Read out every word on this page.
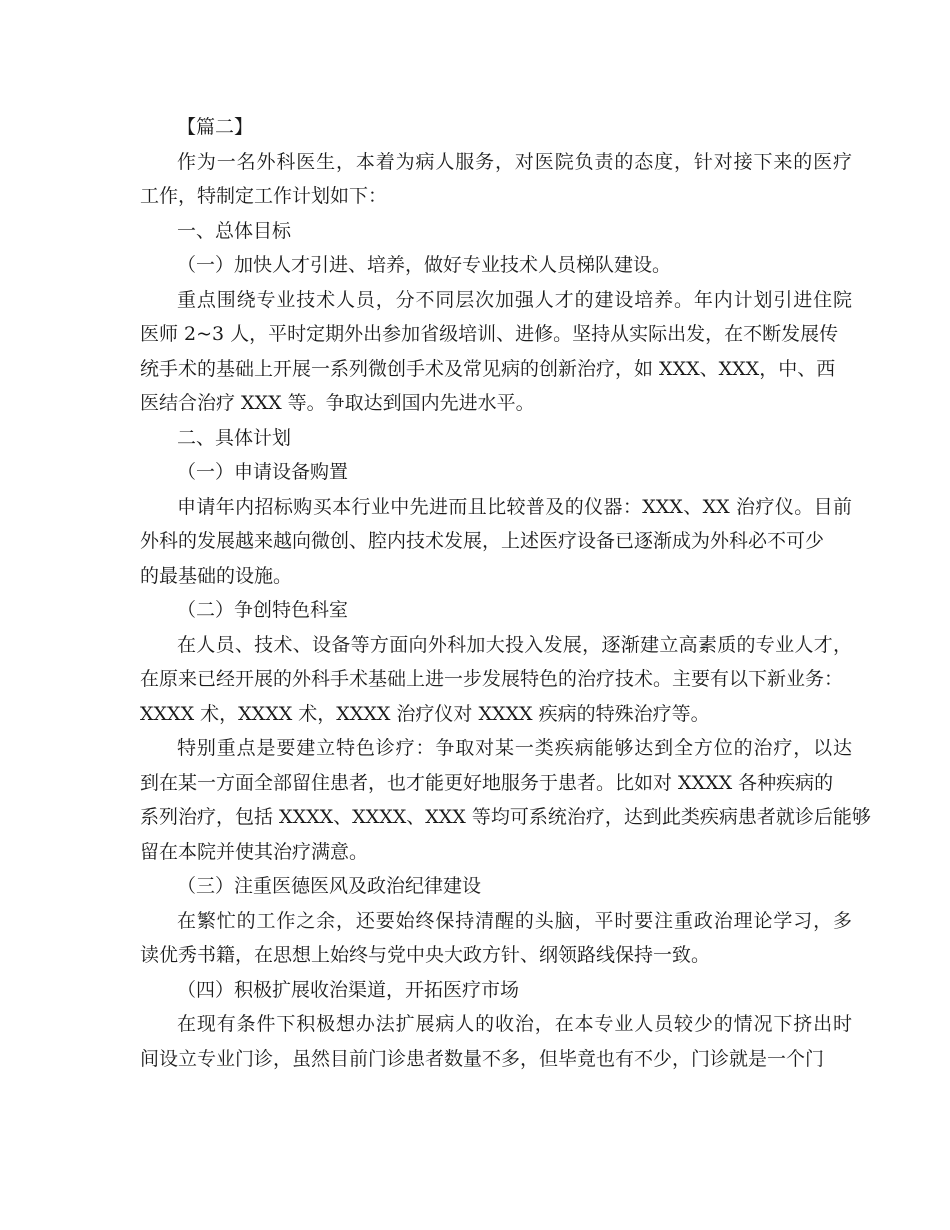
【篇二】
作为一名外科医生，本着为病人服务，对医院负责的态度，针对接下来的医疗
工作，特制定工作计划如下：
一、总体目标
（一）加快人才引进、培养，做好专业技术人员梯队建设。
重点围绕专业技术人员，分不同层次加强人才的建设培养。年内计划引进住院
医师 2~3 人，平时定期外出参加省级培训、进修。坚持从实际出发，在不断发展传
统手术的基础上开展一系列微创手术及常见病的创新治疗，如 XXX、XXX，中、西
医结合治疗 XXX 等。争取达到国内先进水平。
二、具体计划
（一）申请设备购置
申请年内招标购买本行业中先进而且比较普及的仪器：XXX、XX 治疗仪。目前
外科的发展越来越向微创、腔内技术发展，上述医疗设备已逐渐成为外科必不可少
的最基础的设施。
（二）争创特色科室
在人员、技术、设备等方面向外科加大投入发展，逐渐建立高素质的专业人才，
在原来已经开展的外科手术基础上进一步发展特色的治疗技术。主要有以下新业务：
XXXX 术，XXXX 术，XXXX 治疗仪对 XXXX 疾病的特殊治疗等。
特别重点是要建立特色诊疗：争取对某一类疾病能够达到全方位的治疗，以达
到在某一方面全部留住患者，也才能更好地服务于患者。比如对 XXXX 各种疾病的
系列治疗，包括 XXXX、XXXX、XXX 等均可系统治疗，达到此类疾病患者就诊后能够
留在本院并使其治疗满意。
（三）注重医德医风及政治纪律建设
在繁忙的工作之余，还要始终保持清醒的头脑，平时要注重政治理论学习，多
读优秀书籍，在思想上始终与党中央大政方针、纲领路线保持一致。
（四）积极扩展收治渠道，开拓医疗市场
在现有条件下积极想办法扩展病人的收治，在本专业人员较少的情况下挤出时
间设立专业门诊，虽然目前门诊患者数量不多，但毕竟也有不少，门诊就是一个门
